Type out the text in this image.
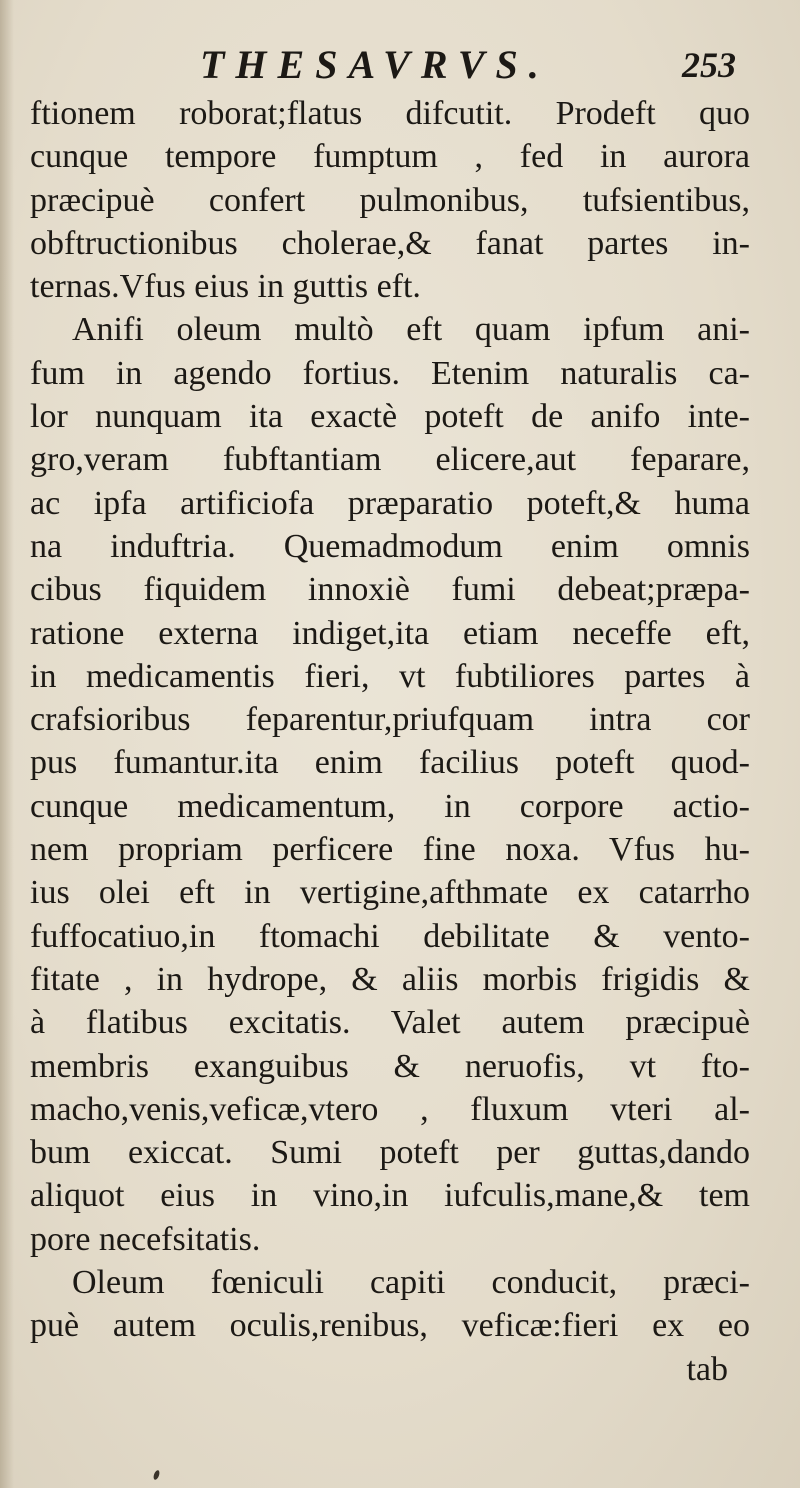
THESAVRVS.	253
ftionem roborat;flatus difcutit. Prodeft quo
cunque tempore fumptum , fed in aurora
præcipuè confert pulmonibus, tufsientibus,
obftructionibus cholerae,& fanat partes in-
ternas.Vfus eius in guttis eft.
Anifi oleum multò eft quam ipfum ani-
fum in agendo fortius. Etenim naturalis ca-
lor nunquam ita exactè poteft de anifo inte-
gro,veram fubftantiam elicere,aut feparare,
ac ipfa artificiofa præparatio poteft,& huma
na induftria. Quemadmodum enim omnis
cibus fiquidem innoxiè fumi debeat;præpa-
ratione externa indiget,ita etiam neceffe eft,
in medicamentis fieri, vt fubtiliores partes à
crafsioribus feparentur,priufquam intra cor
pus fumantur.ita enim facilius poteft quod-
cunque medicamentum, in corpore actio-
nem propriam perficere fine noxa. Vfus hu-
ius olei eft in vertigine,afthmate ex catarrho
fuffocatiuo,in ftomachi debilitate & vento-
fitate , in hydrope, & aliis morbis frigidis &
à flatibus excitatis. Valet autem præcipuè
membris exanguibus & neruofis, vt fto-
macho,venis,veficæ,vtero , fluxum vteri al-
bum exiccat. Sumi poteft per guttas,dando
aliquot eius in vino,in iufculis,mane,& tem
pore necefsitatis.
Oleum fœniculi capiti conducit, præci-
puè autem oculis,renibus, veficæ:fieri ex eo
tab
